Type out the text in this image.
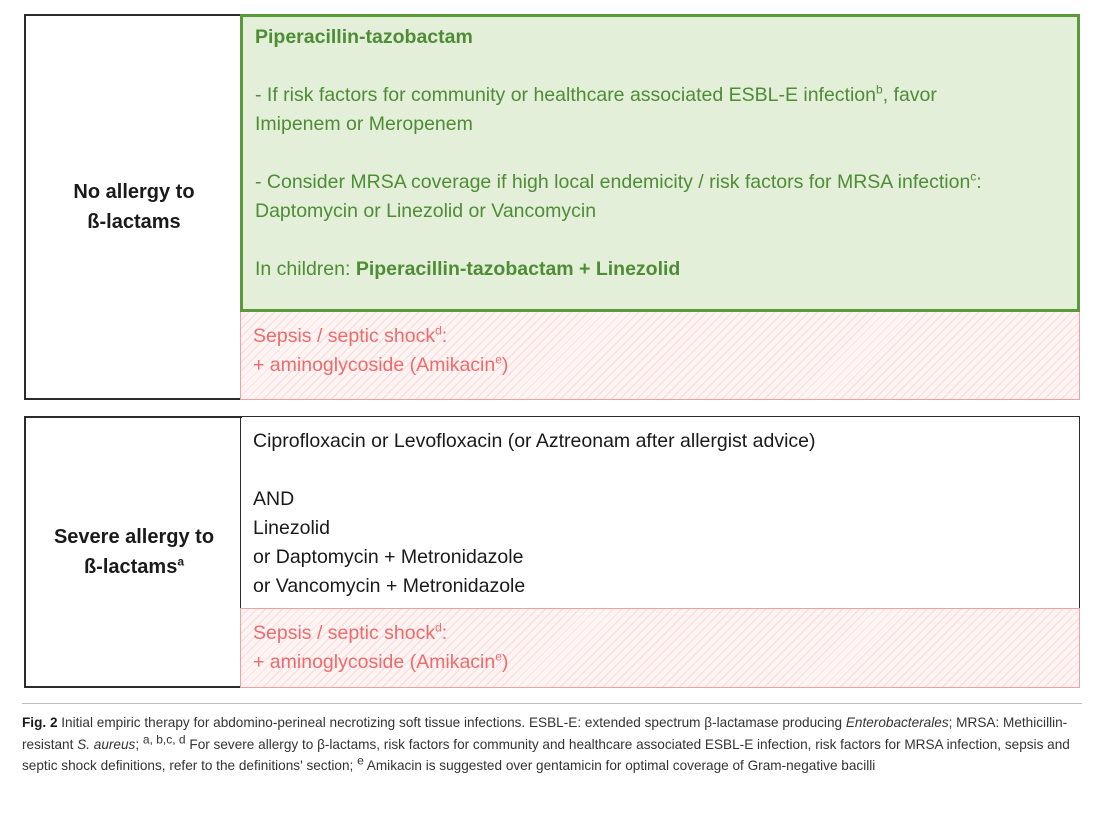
No allergy to
ß-lactams

Piperacillin-tazobactam

- If risk factors for community or healthcare associated ESBL-E infection$^b$, favor

Imipenem or Meropenem

- Consider MRSA coverage if high local endemicity / risk factors for MRSA infection$^c$:

Daptomycin or Linezolid or Vancomycin

In children: Piperacillin-tazobactam + Linezolid

Sepsis / septic shock$^d$:
+ aminoglycoside (Amikacin$^e$)
Severe allergy to
ß-lactams$^a$

Ciprofloxacin or Levofloxacin (or Aztreonam after allergist advice)

AND

Linezolid

or Daptomycin + Metronidazole

or Vancomycin + Metronidazole

Sepsis / septic shock$^d$:
+ aminoglycoside (Amikacin$^e$)
Fig. 2 Initial empiric therapy for abdomino-perineal necrotizing soft tissue infections. ESBL-E: extended spectrum β-lactamase producing Enterobacterales; MRSA: Methicillin-resistant S. aureus; $^{a, b,c, d}$ For severe allergy to β-lactams, risk factors for community and healthcare associated ESBL-E infection, risk factors for MRSA infection, sepsis and septic shock definitions, refer to the definitions' section; $^e$ Amikacin is suggested over gentamicin for optimal coverage of Gram-negative bacilli
